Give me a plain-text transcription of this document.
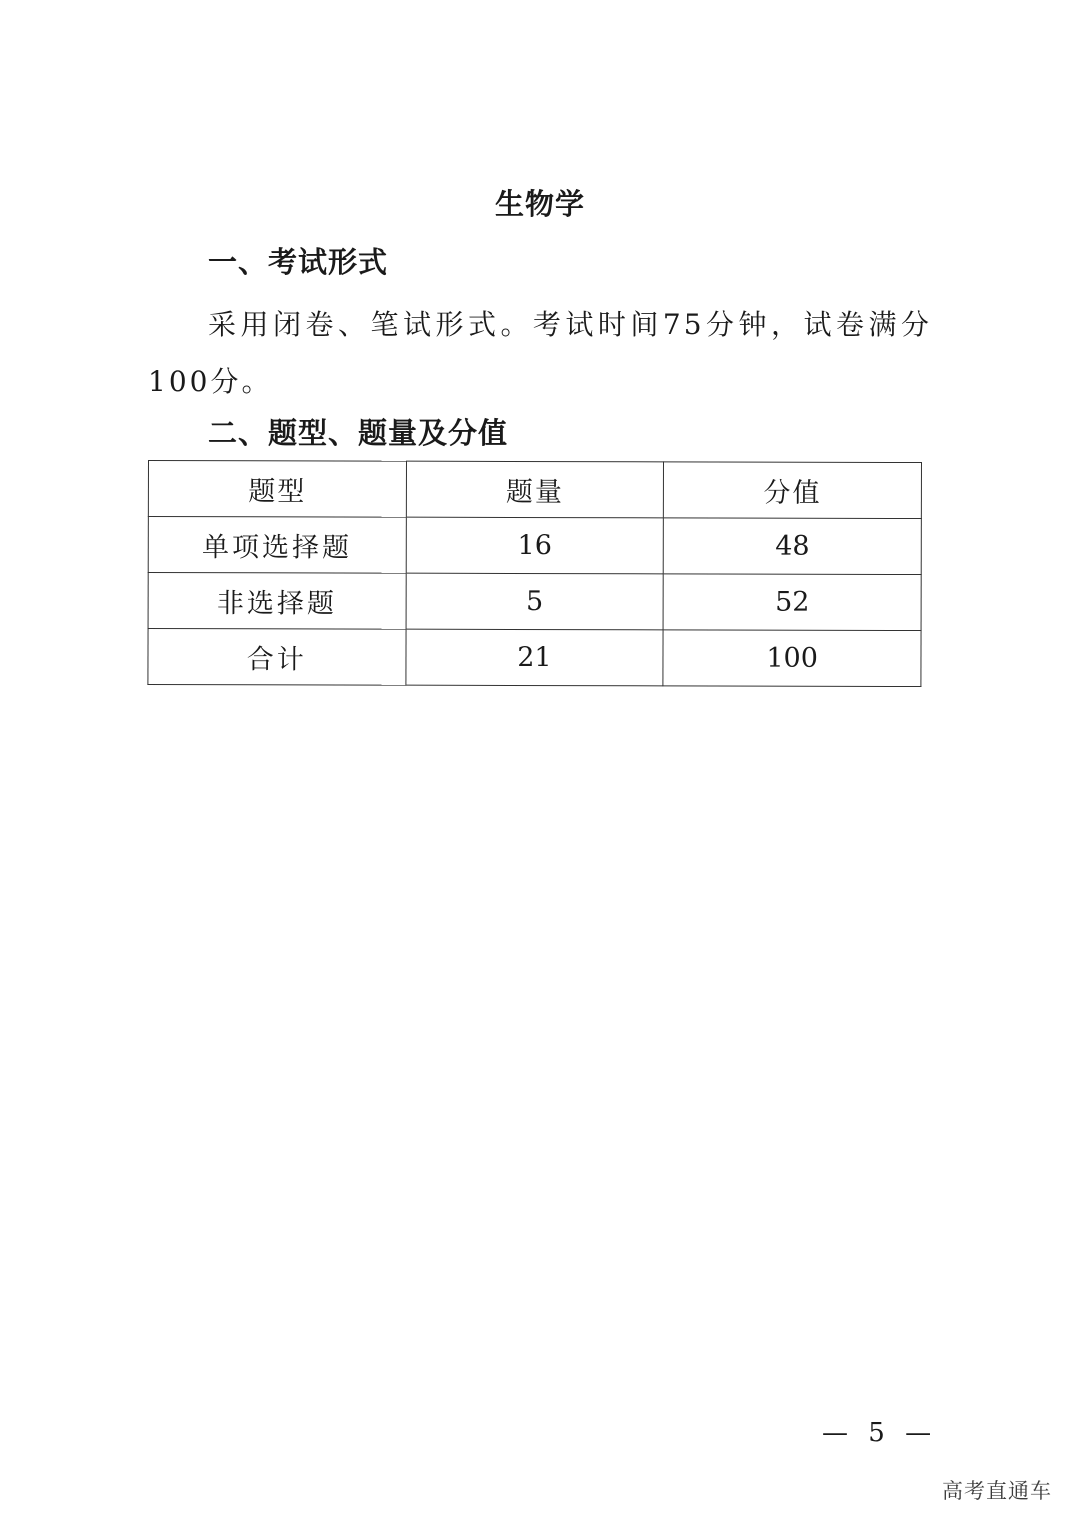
生物学
一、考试形式
采用闭卷、笔试形式。考试时间75分钟，试卷满分100分。
二、题型、题量及分值
题型	题量	分值
单项选择题	16	48
非选择题	5	52
合计	21	100
— 5 —
高考直通车
